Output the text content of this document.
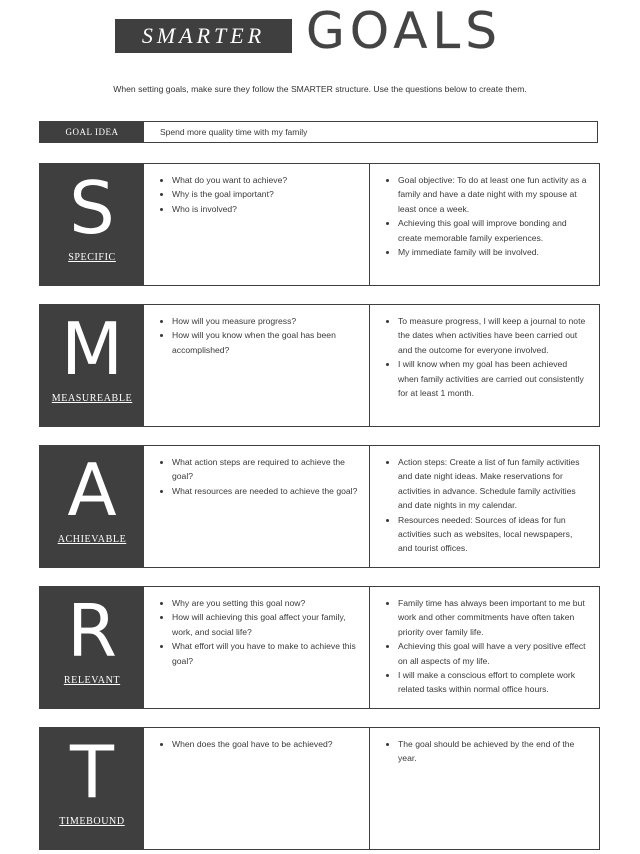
SMARTER GOALS
When setting goals, make sure they follow the SMARTER structure. Use the questions below to create them.
GOAL IDEA	Spend more quality time with my family
S
SPECIFIC
• What do you want to achieve?
• Why is the goal important?
• Who is involved?
• Goal objective: To do at least one fun activity as a family and have a date night with my spouse at least once a week.
• Achieving this goal will improve bonding and create memorable family experiences.
• My immediate family will be involved.
M
MEASUREABLE
• How will you measure progress?
• How will you know when the goal has been accomplished?
• To measure progress, I will keep a journal to note the dates when activities have been carried out and the outcome for everyone involved.
• I will know when my goal has been achieved when family activities are carried out consistently for at least 1 month.
A
ACHIEVABLE
• What action steps are required to achieve the goal?
• What resources are needed to achieve the goal?
• Action steps: Create a list of fun family activities and date night ideas. Make reservations for activities in advance. Schedule family activities and date nights in my calendar.
• Resources needed: Sources of ideas for fun activities such as websites, local newspapers, and tourist offices.
R
RELEVANT
• Why are you setting this goal now?
• How will achieving this goal affect your family, work, and social life?
• What effort will you have to make to achieve this goal?
• Family time has always been important to me but work and other commitments have often taken priority over family life.
• Achieving this goal will have a very positive effect on all aspects of my life.
• I will make a conscious effort to complete work related tasks within normal office hours.
T
TIMEBOUND
• When does the goal have to be achieved?
•	The goal should be achieved by the end of the year.
